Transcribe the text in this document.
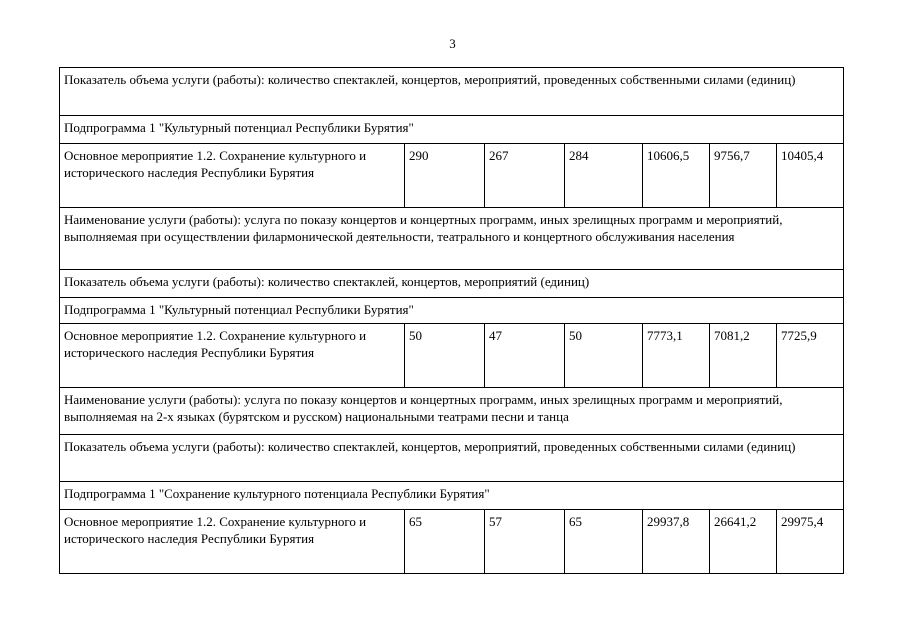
3
Показатель объема услуги (работы): количество спектаклей, концертов, мероприятий, проведенных собственными силами (единиц)						
Подпрограмма 1 "Культурный потенциал Республики Бурятия"						
Основное мероприятие 1.2. Сохранение культурного и исторического наследия Республики Бурятия	290	267	284	10606,5	9756,7	10405,4
Наименование услуги (работы): услуга по показу концертов и концертных программ, иных зрелищных программ и мероприятий, выполняемая при осуществлении филармонической деятельности, театрального и концертного обслуживания населения						
Показатель объема услуги (работы): количество спектаклей, концертов, мероприятий (единиц)						
Подпрограмма 1 "Культурный потенциал Республики Бурятия"						
Основное мероприятие 1.2. Сохранение культурного и исторического наследия Республики Бурятия	50	47	50	7773,1	7081,2	7725,9
Наименование услуги (работы): услуга по показу концертов и концертных программ, иных зрелищных программ и мероприятий, выполняемая на 2-х языках (бурятском и русском) национальными театрами песни и танца						
Показатель объема услуги (работы): количество спектаклей, концертов, мероприятий, проведенных собственными силами (единиц)						
Подпрограмма 1 "Сохранение культурного потенциала Республики Бурятия"						
Основное мероприятие 1.2. Сохранение культурного и исторического наследия Республики Бурятия	65	57	65	29937,8	26641,2	29975,4
